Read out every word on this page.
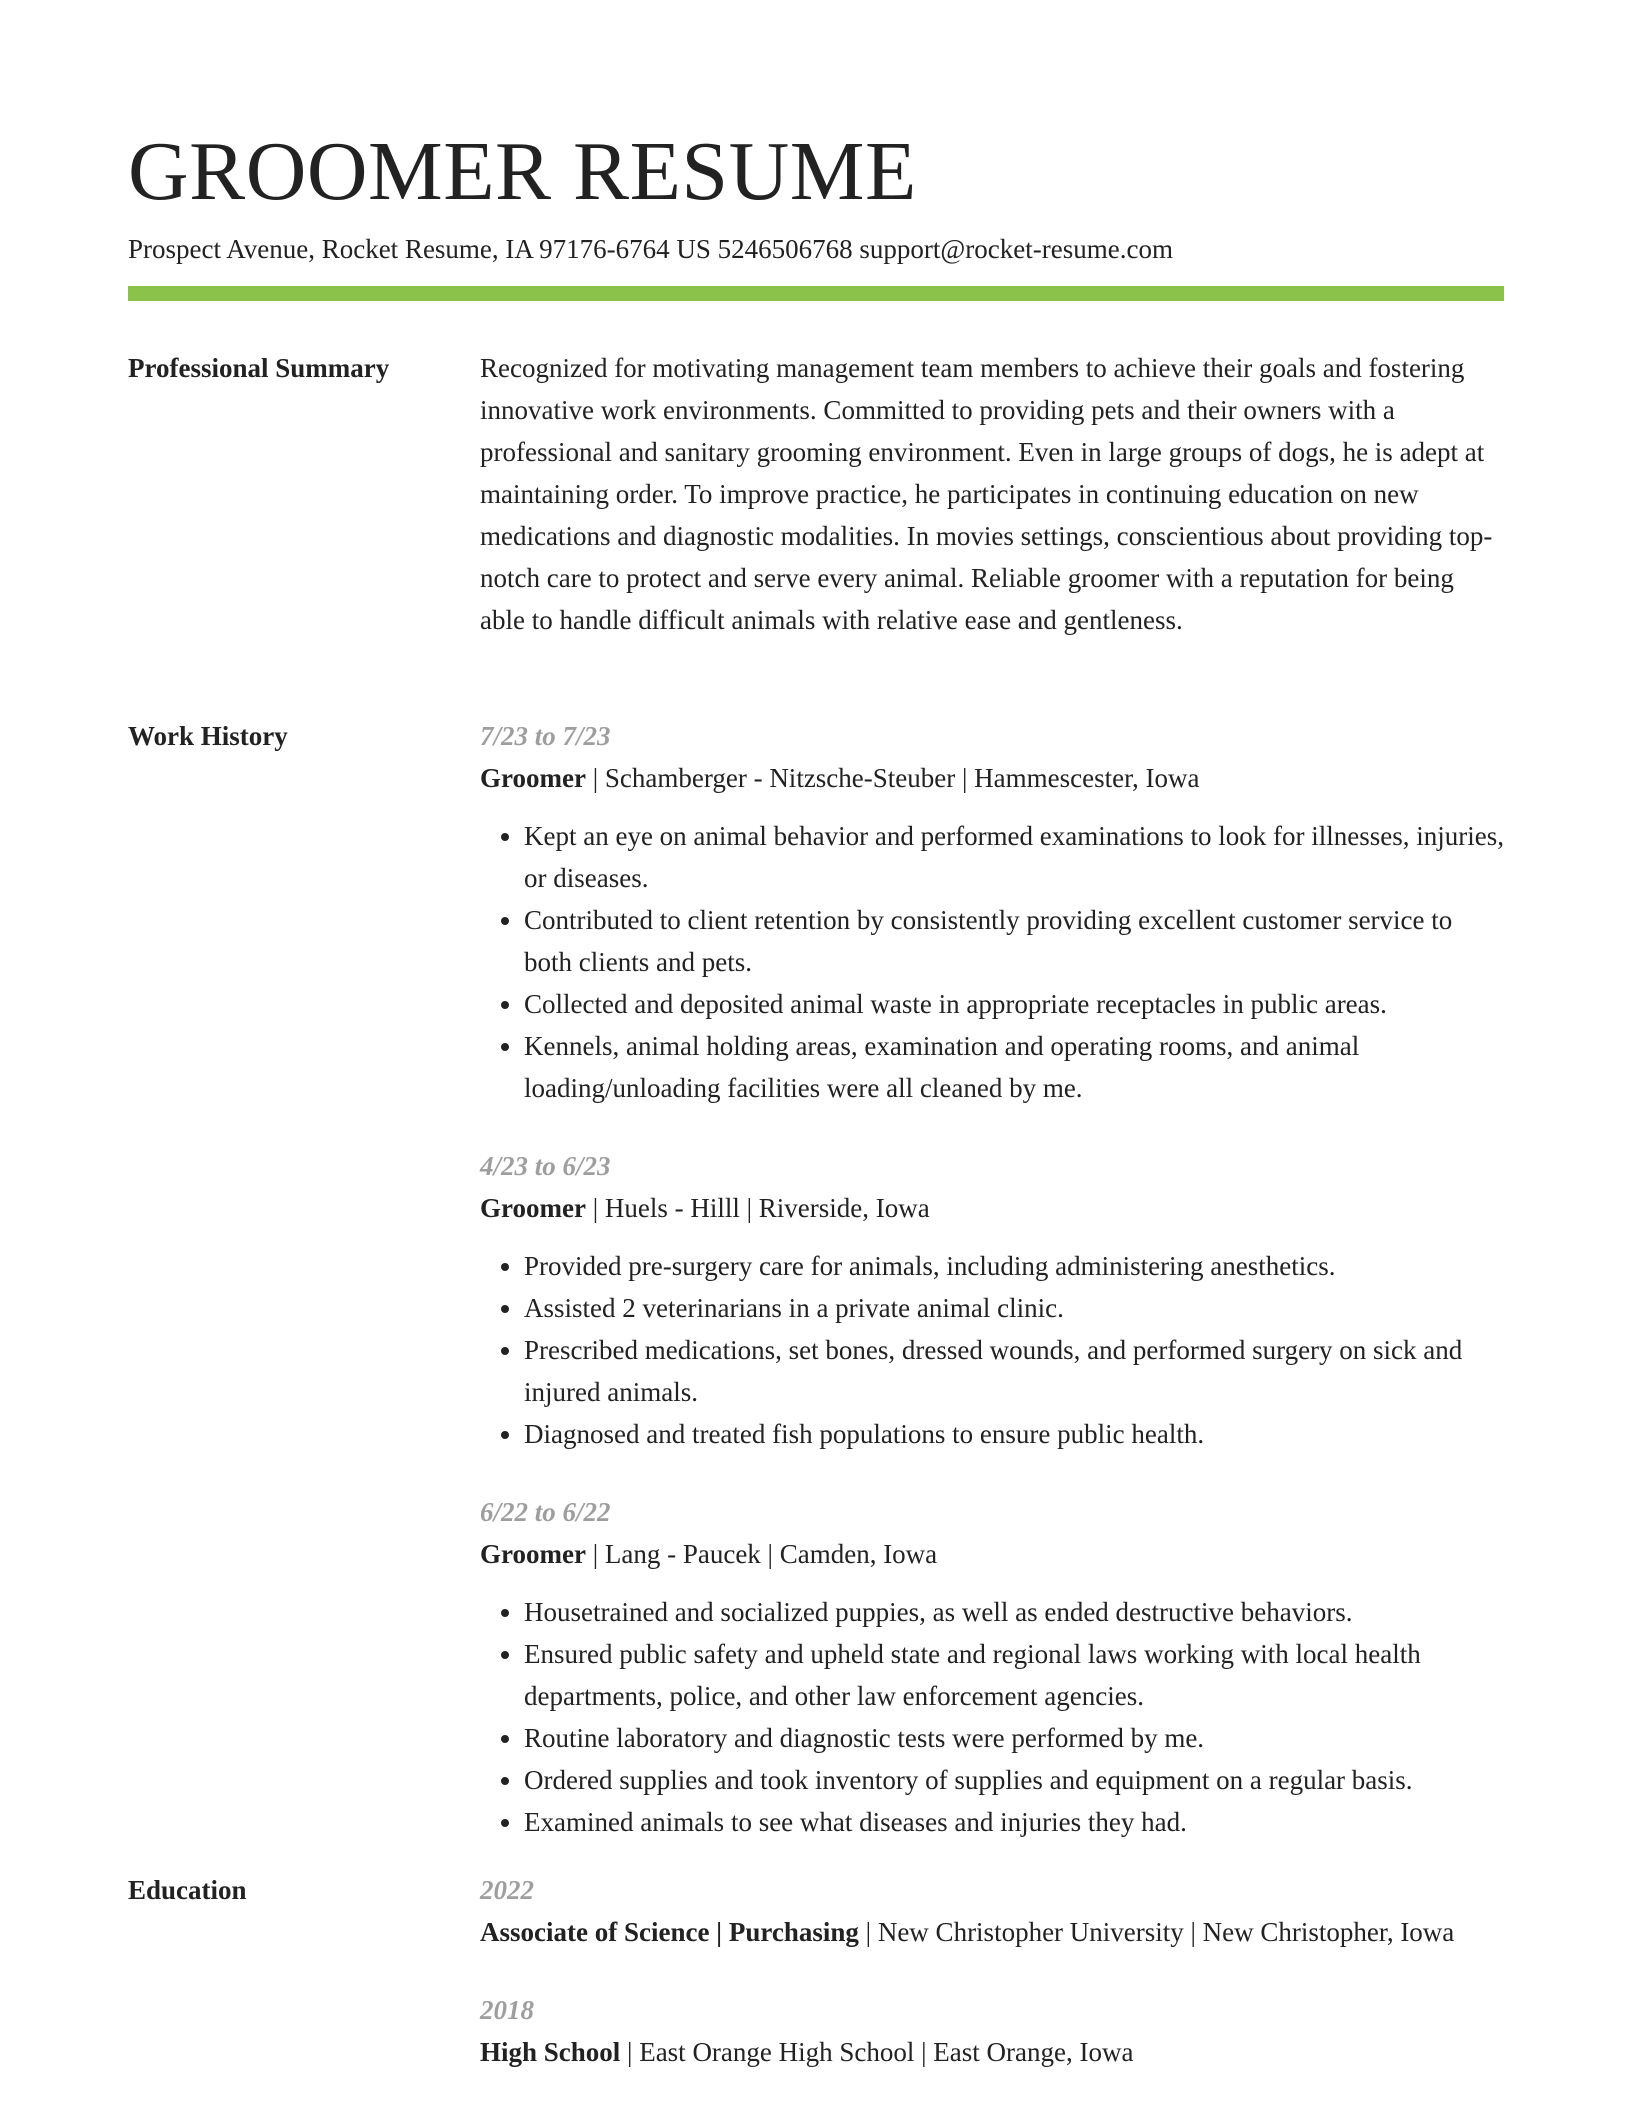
GROOMER RESUME
Prospect Avenue, Rocket Resume, IA 97176-6764 US 5246506768 support@rocket-resume.com
Professional Summary	Recognized for motivating management team members to achieve their goals and fostering innovative work environments. Committed to providing pets and their owners with a professional and sanitary grooming environment. Even in large groups of dogs, he is adept at maintaining order. To improve practice, he participates in continuing education on new medications and diagnostic modalities. In movies settings, conscientious about providing top-notch care to protect and serve every animal. Reliable groomer with a reputation for being able to handle difficult animals with relative ease and gentleness.

Work History	7/23 to 7/23

Groomer | Schamberger - Nitzsche-Steuber | Hammescester, Iowa

• Kept an eye on animal behavior and performed examinations to look for illnesses, injuries, or diseases.
• Contributed to client retention by consistently providing excellent customer service to both clients and pets.
• Collected and deposited animal waste in appropriate receptacles in public areas.
• Kennels, animal holding areas, examination and operating rooms, and animal loading/unloading facilities were all cleaned by me.
4/23 to 6/23

Groomer | Huels - Hilll | Riverside, Iowa

• Provided pre-surgery care for animals, including administering anesthetics.
• Assisted 2 veterinarians in a private animal clinic.
• Prescribed medications, set bones, dressed wounds, and performed surgery on sick and injured animals.
• Diagnosed and treated fish populations to ensure public health.
6/22 to 6/22

Groomer | Lang - Paucek | Camden, Iowa

• Housetrained and socialized puppies, as well as ended destructive behaviors.
• Ensured public safety and upheld state and regional laws working with local health departments, police, and other law enforcement agencies.
• Routine laboratory and diagnostic tests were performed by me.
• Ordered supplies and took inventory of supplies and equipment on a regular basis.
• Examined animals to see what diseases and injuries they had.
Education	2022

Associate of Science | Purchasing | New Christopher University | New Christopher, Iowa

2018

High School | East Orange High School | East Orange, Iowa
